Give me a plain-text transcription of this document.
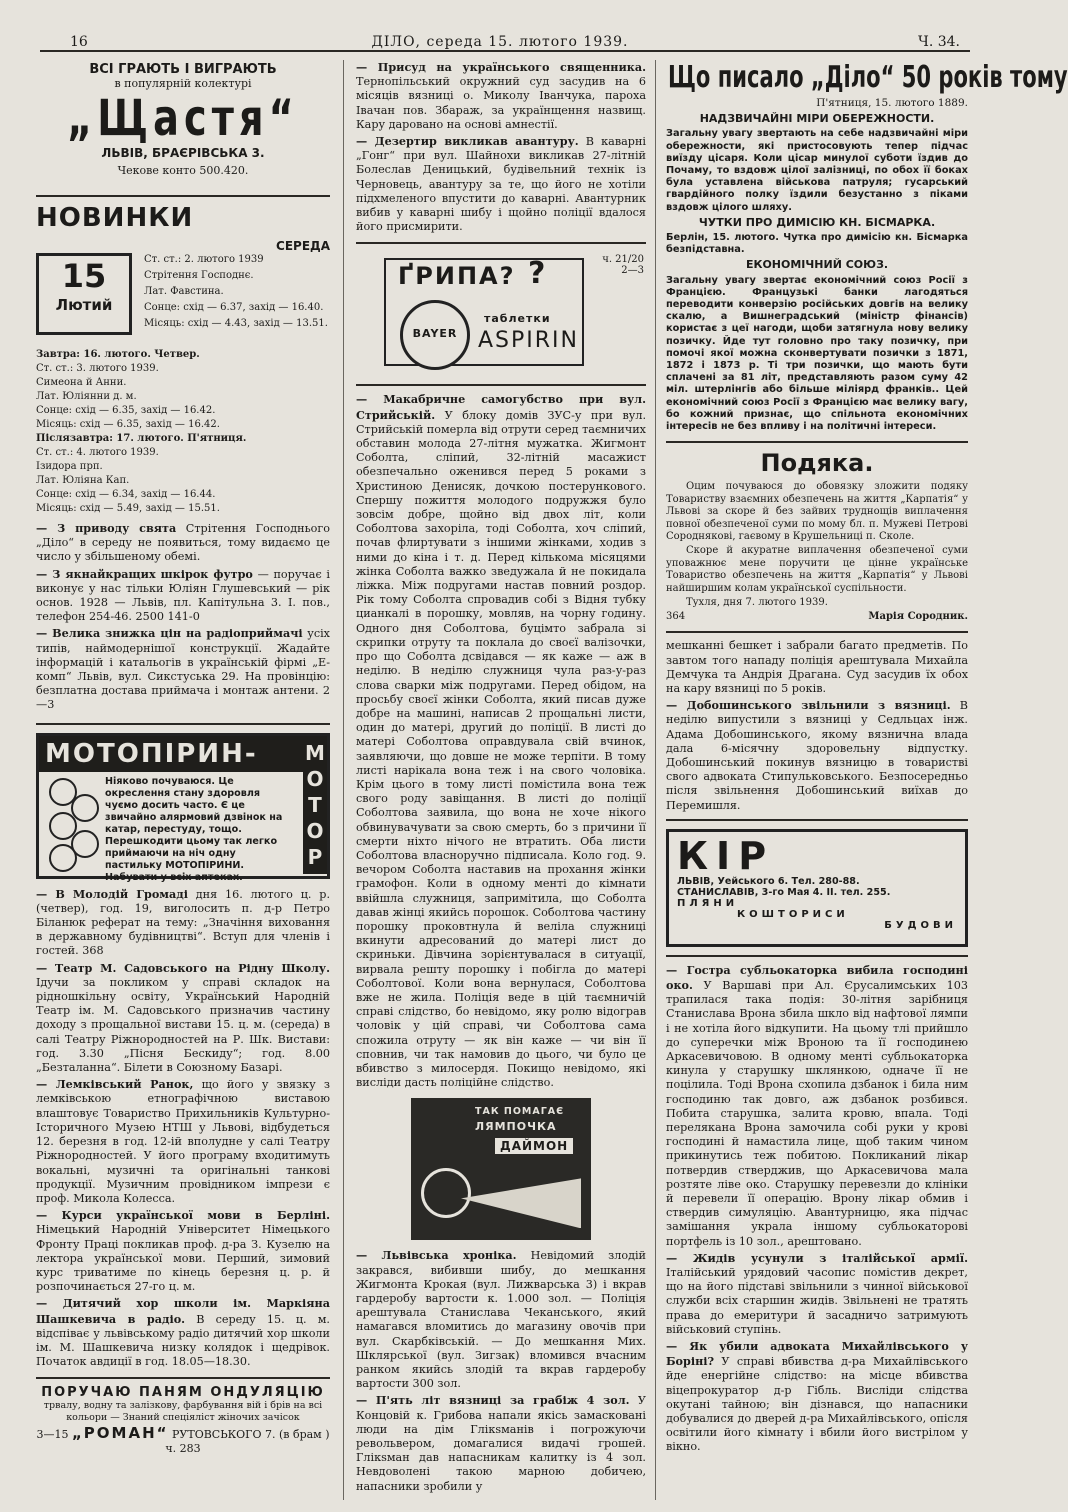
16	ДІЛО, середа 15. лютого 1939.	Ч. 34.
ВСІ ГРАЮТЬ І ВИГРАЮТЬ
в популярній колектурі
„Щастя“
ЛЬВІВ, БРАЄРІВСЬКА 3.
Чекове конто 500.420.
НОВИНКИ
15
Лютий
СЕРЕДА

Ст. ст.: 2. лютого 1939

Стрітення Господнє.

Лат. Фавстина.

Сонце: схід — 6.37, захід — 16.40.

Місяць: схід — 4.43, захід — 13.51.

Завтра: 16. лютого. Четвер.

Ст. ст.: 3. лютого 1939.

Симеона й Анни.

Лат. Юліянни д. м.

Сонце: схід — 6.35, захід — 16.42.

Місяць: схід — 6.35, захід — 16.42.

Післязавтра: 17. лютого. П'ятниця.

Ст. ст.: 4. лютого 1939.

Ізидора прп.

Лат. Юліяна Кап.

Сонце: схід — 6.34, захід — 16.44.

Місяць: схід — 5.49, захід — 15.51.

— З приводу свята Стрітення Господнього „Діло“ в середу не появиться, тому видаємо це число у збільшеному обемі.

— З якнайкращих шкірок футро — поручає і виконує у нас тільки Юліян Глушевський — рік основ. 1928 — Львів, пл. Капітульна 3. І. пов., телефон 254-46. 2500 141-0

— Велика знижка цін на радіоприймачі усіх типів, наймодернішої конструкції. Жадайте інформацій і катальогів в українській фірмі „Е-комп“ Львів, вул. Сикстуська 29. На провінцію: безплатна достава приймача і монтаж антени. 2—3

МОТОПІРИН-
Ніяково почуваюся. Це окреслення стану здоровля чуємо досить часто. Є це звичайно алярмовий дзвінок на катар, перестуду, тощо. Перешкодити цьому так легко приймаючи на ніч одну пастильку МОТОПІРИНИ. Набувати у всіх аптеках.
МОТОР

— В Молодій Громаді дня 16. лютого ц. р. (четвер), год. 19, виголосить п. д-р Петро Біланюк реферат на тему: „Значіння виховання в державному будівництві“. Вступ для членів і гостей. 368

— Театр М. Садовського на Рідну Школу. Ідучи за покликом у справі складок на рідношкільну освіту, Український Народній Театр ім. М. Садовського призначив частину доходу з прощальної вистави 15. ц. м. (середа) в салі Театру Ріжнородностей на Р. Шк. Вистави: год. 3.30 „Пісня Бескиду“; год. 8.00 „Безталанна“. Білети в Союзному Базарі.

— Лемківський Ранок, що його у звязку з лемківською етнографічною виставою влаштовує Товариство Прихильників Культурно-Історичного Музею НТШ у Львові, відбудеться 12. березня в год. 12-ій вполудне у салі Театру Ріжнородностей. У його програму входитимуть вокальні, музичні та оригінальні танкові продукції. Музичним провідником імпрези є проф. Микола Колесса.

— Курси української мови в Берліні. Німецький Народній Університет Німецького Фронту Праці покликав проф. д-ра З. Кузелю на лектора української мови. Перший, зимовий курс триватиме по кінець березня ц. р. й розпочинається 27-го ц. м.

— Дитячий хор школи ім. Маркіяна Шашкевича в радіо. В середу 15. ц. м. відспіває у львівському радіо дитячий хор школи ім. М. Шашкевича низку колядок і щедрівок. Початок авдиції в год. 18.05—18.30.

ПОРУЧАЮ ПАНЯМ ОНДУЛЯЦІЮ
трвалу, водну та залізкову, фарбування вій і брів на всі кольори — Знаний спеціяліст жіночих зачісок
3—15 „РОМАН“ РУТОВСЬКОГО 7. (в брам ) ч. 283

— Присуд на українського священника. Тернопільський окружний суд засудив на 6 місяців вязниці о. Миколу Іванчука, пароха Івачан пов. Збараж, за українщення назвищ. Кару даровано на основі амнестії.

— Дезертир викликав авантуру. В каварні „Гонг“ при вул. Шайнохи викликав 27-літній Болеслав Деницький, будівельний технік із Черновець, авантуру за те, що його не хотіли підхмеленого впустити до каварні. Авантурник вибив у каварні шибу і щойно поліції вдалося його присмирити.

ҐРИПА? ?	ч. 21/20
2—3
BAYER
таблетки
ASPIRIN

— Макабричне самогубство при вул. Стрийській. У блоку домів ЗУС-у при вул. Стрийській померла від отрути серед таємничих обставин молода 27-літня мужатка. Жигмонт Соболта, сліпий, 32-літній масажист обезпечально оженився перед 5 роками з Христиною Денисяк, дочкою постерункового. Спершу пожиття молодого подружжя було зовсім добре, щойно від двох літ, коли Соболтова захоріла, тоді Соболта, хоч сліпий, почав флиртувати з іншими жінками, ходив з ними до кіна і т. д. Перед кількома місяцями жінка Соболта важко зведужала й не покидала ліжка. Між подругами настав повний роздор. Рік тому Соболта спровадив собі з Відня тубку цианкалі в порошку, мовляв, на чорну годину. Одного дня Соболтова, буцімто забрала зі скрипки отруту та поклала до своєї валізочки, про що Соболта дсвідався — як каже — аж в неділю. В неділю служниця чула раз-у-раз слова сварки між подругами. Перед обідом, на просьбу своєї жінки Соболта, який писав дуже добре на машині, написав 2 прощальні листи, один до матері, другий до поліції. В листі до матері Соболтова оправдувала свій вчинок, заявляючи, що довше не може терпіти. В тому листі нарікала вона теж і на свого чоловіка. Крім цього в тому листі помістила вона теж свого роду завіщання. В листі до поліції Соболтова заявила, що вона не хоче нікого обвинувачувати за свою смерть, бо з причини її смерти ніхто нічого не втратить. Оба листи Соболтова власноручно підписала. Коло год. 9. вечором Соболта наставив на прохання жінки грамофон. Коли в одному менті до кімнати ввійшла служниця, запримітила, що Соболта давав жінці якийсь порошок. Соболтова частину порошку проковтнула й веліла служниці вкинути адресований до матері лист до скриньки. Дівчина зорієнтувалася в ситуації, вирвала решту порошку і побігла до матері Соболтової. Коли вона вернулася, Соболтова вже не жила. Поліція веде в цій таємничій справі слідство, бо невідомо, яку ролю відограв чоловік у цій справі, чи Соболтова сама спожила отруту — як він каже — чи він її сповнив, чи так намовив до цього, чи було це вбивство з милосердя. Покищо невідомо, які висліди дасть поліційне слідство.

ТАК ПОМАГАЄ
ЛЯМПОЧКА
ДАЙМОН

— Львівська хроніка. Невідомий злодій закрався, вибивши шибу, до мешкання Жигмонта Крокая (вул. Лижварська 3) і вкрав гардеробу вартости к. 1.000 зол. — Поліція арештувала Станислава Чеканського, який намагався вломитись до магазину овочів при вул. Скарбківській. — До мешкання Мих. Шклярської (вул. Зигзак) вломився вчасним ранком якийсь злодій та вкрав гардеробу вартости 300 зол.

— П'ять літ вязниці за грабіж 4 зол. У Концовій к. Грибова напали якісь замасковані люди на дім Глікsманів і погрожуючи револьвером, домагалися видачі грошей. Глікsман дав напасникам калитку із 4 зол. Невдоволені такою марною добичею, напасники зробили у

Що писало „Діло“ 50 років тому

П'ятниця, 15. лютого 1889.

НАДЗВИЧАЙНІ МІРИ ОБЕРЕЖНОСТИ.

Загальну увагу звертають на себе надзвичайні міри обережности, які пристосовують тепер підчас виїзду цісаря. Коли цісар минулої суботи їздив до Почаму, то вздовж цілої залізниці, по обох її боках була уставлена військова патруля; гусарський гвардійного полку їздили безустанно з піками вздовж цілого шляху.

ЧУТКИ ПРО ДИМІСІЮ КН. БІСМАРКА.

Берлін, 15. лютого. Чутка про димісію кн. Бісмарка безпідставна.

ЕКОНОМІЧНИЙ СОЮЗ.

Загальну увагу звертає економічний союз Росії з Францією. Французькі банки лагодяться переводити конверзію російських довгів на велику скалю, а Вишнеградський (міністр фінансів) користає з цеї нагоди, щоби затягнула нову велику позичку. Йде тут головно про таку позичку, при помочі якої можна сконвертувати позички з 1871, 1872 і 1873 р. Ті три позички, що мають бути сплачені за 81 літ, представляють разом суму 42 міл. штерлінгів або більше міліярд франків.. Цей економічний союз Росії з Францією має велику вагу, бо кожний признає, що спільнота економічних інтересів не без впливу і на політичні інтереси.

Подяка.

Оцим почуваюся до обовязку зложити подяку Товариству взаємних обезпечень на життя „Карпатія“ у Львові за скоре й без зайвих труднощів виплачення повної обезпеченої суми по мому бл. п. Мужеві Петрові Сороднякові, гаєвому в Крушельниці п. Сколе.

Скоре й акуратне виплачення обезпеченої суми уповажнює мене поручити це цінне українське Товариство обезпечень на життя „Карпатія“ у Львові найширшим колам української суспільности.

Тухля, дня 7. лютого 1939.

364	Марія Сородник.

мешканні бешкет і забрали багато предметів. По завтом того нападу поліція арештувала Михайла Демчука та Андрія Драгана. Суд засудив їх обох на кару вязниці по 5 років.

— Добошинського звільнили з вязниці. В неділю випустили з вязниці у Седльцах інж. Адама Добошинського, якому вязнична влада дала 6-місячну здоровельну відпустку. Добошинський покинув вязницю в товаристві свого адвоката Стипульковського. Безпосередньо після звільнення Добошинський виїхав до Перемишля.

КІР
ЛЬВІВ, Уейського 6. Тел. 280-88.
СТАНИСЛАВІВ, 3-го Мая 4. II. тел. 255.
ПЛЯНИ
КОШТОРИСИ
БУДОВИ

— Гостра субльокаторка вибила господині око. У Варшаві при Ал. Єрусалимських 103 трапилася така подія: 30-літня зарібниця Станислава Врона збила шкло від нафтової лямпи і не хотіла його відкупити. На цьому тлі прийшло до суперечки між Вроною та її господинею Аркасевичовою. В одному менті субльокаторка кинула у старушку шклянкою, одначе її не поцілила. Тоді Врона схопила дзбанок і била ним господиню так довго, аж дзбанок розбився. Побита старушка, залита кровю, впала. Тоді перелякана Врона замочила собі руки у крові господині й намастила лице, щоб таким чином прикинутись теж побитою. Покликаний лікар потвердив стверджив, що Аркасевичова мала розтяте ліве око. Старушку перевезли до клініки й перевели її операцію. Врону лікар обмив і ствердив симуляцію. Авантурницю, яка підчас замішання украла іншому субльокаторові портфель із 10 зол., арештовано.

— Жидів усунули з італійської армії. Італійський урядовий часопис помістив декрет, що на його підставі звільнили з чинної військової служби всіх старшин жидів. Звільнені не тратять права до емеритури й засадничо затримують військовий ступінь.

— Як убили адвоката Михайлівського у Боріні? У справі вбивства д-ра Михайлівського йде енергійне слідство: на місце вбивства віцепрокуратор д-р Гібль. Висліди слідства окутані тайною; він дізнався, що напасники добувалися до дверей д-ра Михайлівського, опісля освітили його кімнату і вбили його вистрілом у вікно.
